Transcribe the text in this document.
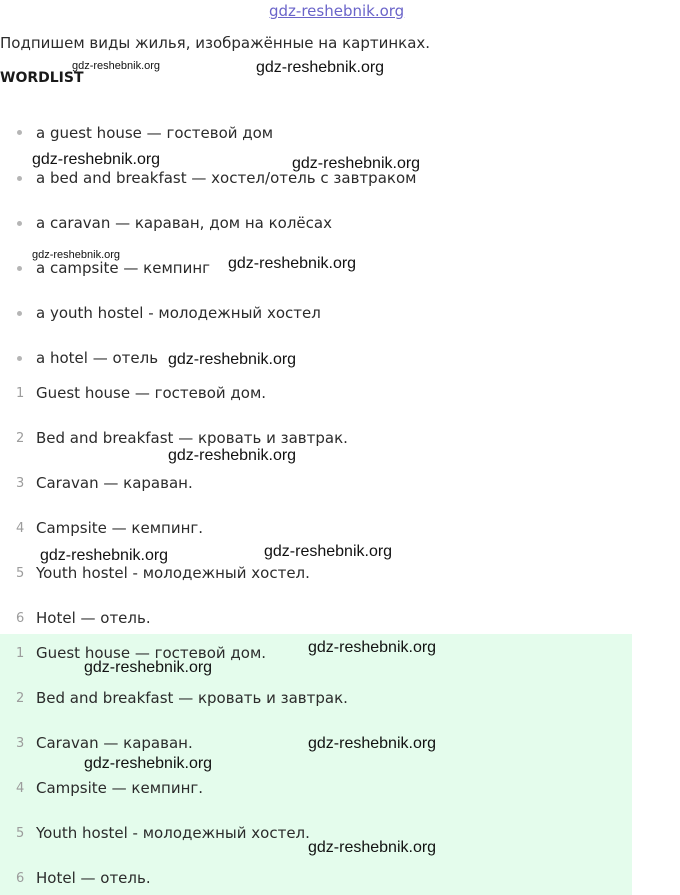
gdz-reshebnik.org
Подпишем виды жилья, изображённые на картинках.
WORDLIST
a guest house — гостевой дом
a bed and breakfast — хостел/отель с завтраком
a caravan — караван, дом на колёсах
a campsite — кемпинг
a youth hostel - молодежный хостел
a hotel — отель
1 Guest house — гостевой дом.
2 Bed and breakfast — кровать и завтрак.
3 Caravan — караван.
4 Campsite — кемпинг.
5 Youth hostel - молодежный хостел.
6 Hotel — отель.
1 Guest house — гостевой дом.
2 Bed and breakfast — кровать и завтрак.
3 Caravan — караван.
4 Campsite — кемпинг.
5 Youth hostel - молодежный хостел.
6 Hotel — отель.
gdz-reshebnik.org	gdz-reshebnik.org
gdz-reshebnik.org	gdz-reshebnik.org
gdz-reshebnik.org	gdz-reshebnik.org
gdz-reshebnik.org
gdz-reshebnik.org
gdz-reshebnik.org	gdz-reshebnik.org
gdz-reshebnik.org
gdz-reshebnik.org
gdz-reshebnik.org
gdz-reshebnik.org
gdz-reshebnik.org
